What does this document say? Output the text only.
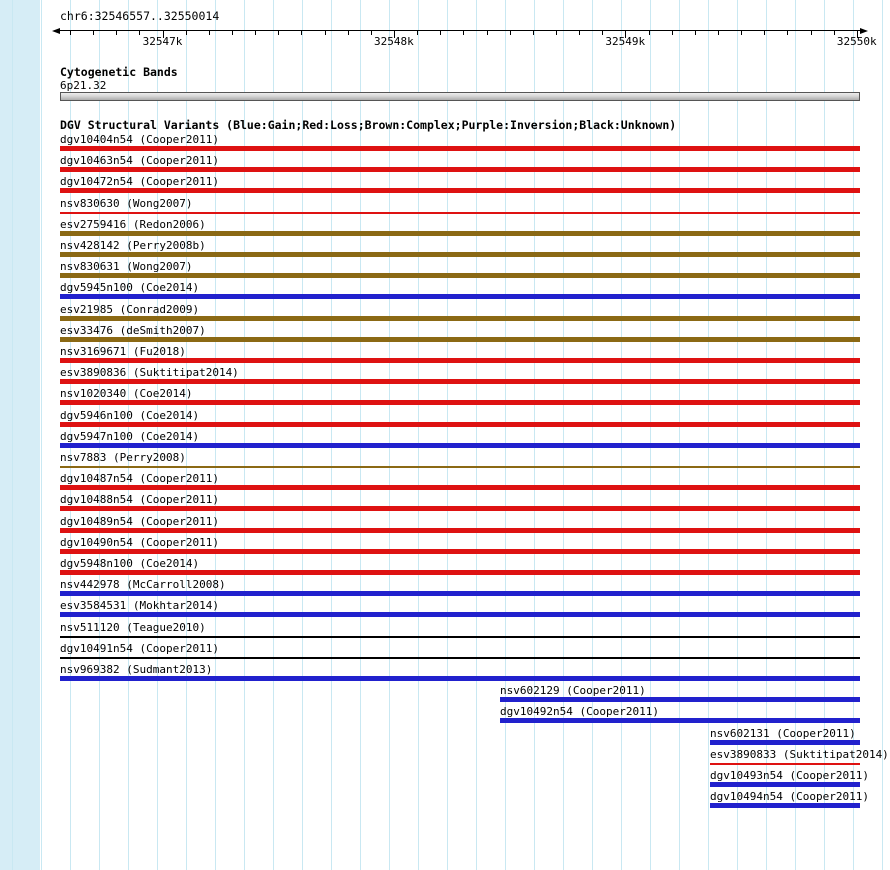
chr6:32546557..32550014
32547k	32548k	32549k	32550k
Cytogenetic Bands
6p21.32
DGV Structural Variants (Blue:Gain;Red:Loss;Brown:Complex;Purple:Inversion;Black:Unknown)
dgv10404n54 (Cooper2011)
dgv10463n54 (Cooper2011)
dgv10472n54 (Cooper2011)
nsv830630 (Wong2007)
esv2759416 (Redon2006)
nsv428142 (Perry2008b)
nsv830631 (Wong2007)
dgv5945n100 (Coe2014)
esv21985 (Conrad2009)
esv33476 (deSmith2007)
nsv3169671 (Fu2018)
esv3890836 (Suktitipat2014)
nsv1020340 (Coe2014)
dgv5946n100 (Coe2014)
dgv5947n100 (Coe2014)
nsv7883 (Perry2008)
dgv10487n54 (Cooper2011)
dgv10488n54 (Cooper2011)
dgv10489n54 (Cooper2011)
dgv10490n54 (Cooper2011)
dgv5948n100 (Coe2014)
nsv442978 (McCarroll2008)
esv3584531 (Mokhtar2014)
nsv511120 (Teague2010)
dgv10491n54 (Cooper2011)
nsv969382 (Sudmant2013)
nsv602129 (Cooper2011)
dgv10492n54 (Cooper2011)
nsv602131 (Cooper2011)
esv3890833 (Suktitipat2014)
dgv10493n54 (Cooper2011)
dgv10494n54 (Cooper2011)
